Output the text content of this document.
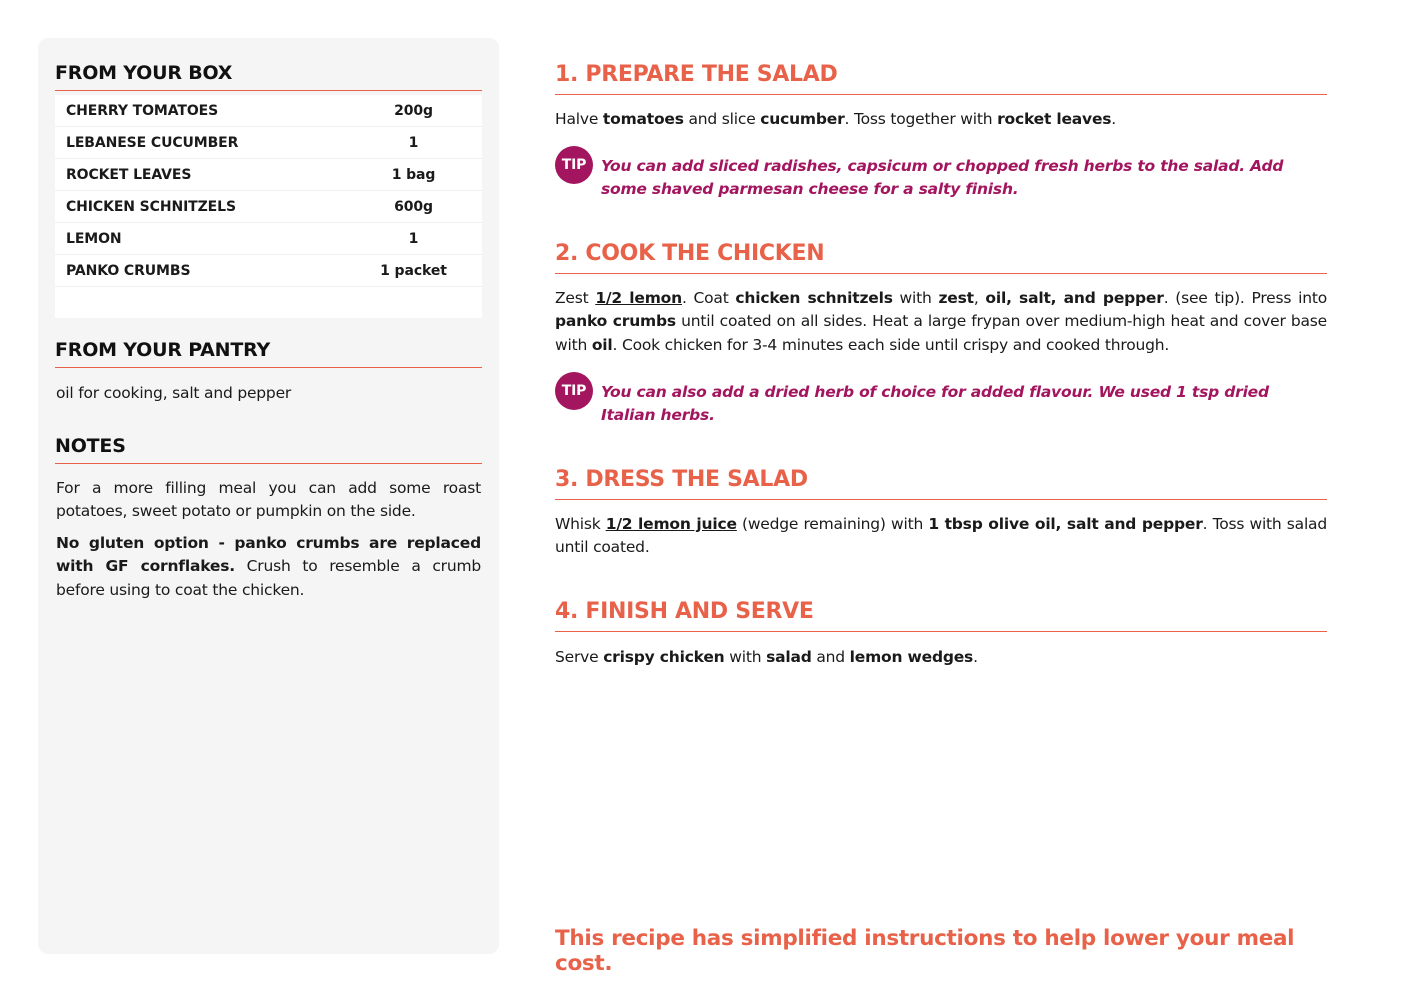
FROM YOUR BOX
CHERRY TOMATOES	200g
LEBANESE CUCUMBER	1
ROCKET LEAVES	1 bag
CHICKEN SCHNITZELS	600g
LEMON	1
PANKO CRUMBS	1 packet
FROM YOUR PANTRY

oil for cooking, salt and pepper

NOTES

For a more filling meal you can add some roast potatoes, sweet potato or pumpkin on the side.

No gluten option - panko crumbs are replaced with GF cornflakes. Crush to resemble a crumb before using to coat the chicken.

1. PREPARE THE SALAD

Halve tomatoes and slice cucumber. Toss together with rocket leaves.

TIP You can add sliced radishes, capsicum or chopped fresh herbs to the salad. Add some shaved parmesan cheese for a salty finish.

2. COOK THE CHICKEN

Zest 1/2 lemon. Coat chicken schnitzels with zest, oil, salt, and pepper. (see tip). Press into panko crumbs until coated on all sides. Heat a large frypan over medium-high heat and cover base with oil. Cook chicken for 3-4 minutes each side until crispy and cooked through.

TIP You can also add a dried herb of choice for added flavour. We used 1 tsp dried Italian herbs.

3. DRESS THE SALAD

Whisk 1/2 lemon juice (wedge remaining) with 1 tbsp olive oil, salt and pepper. Toss with salad until coated.

4. FINISH AND SERVE

Serve crispy chicken with salad and lemon wedges.

This recipe has simplified instructions to help lower your meal cost.
